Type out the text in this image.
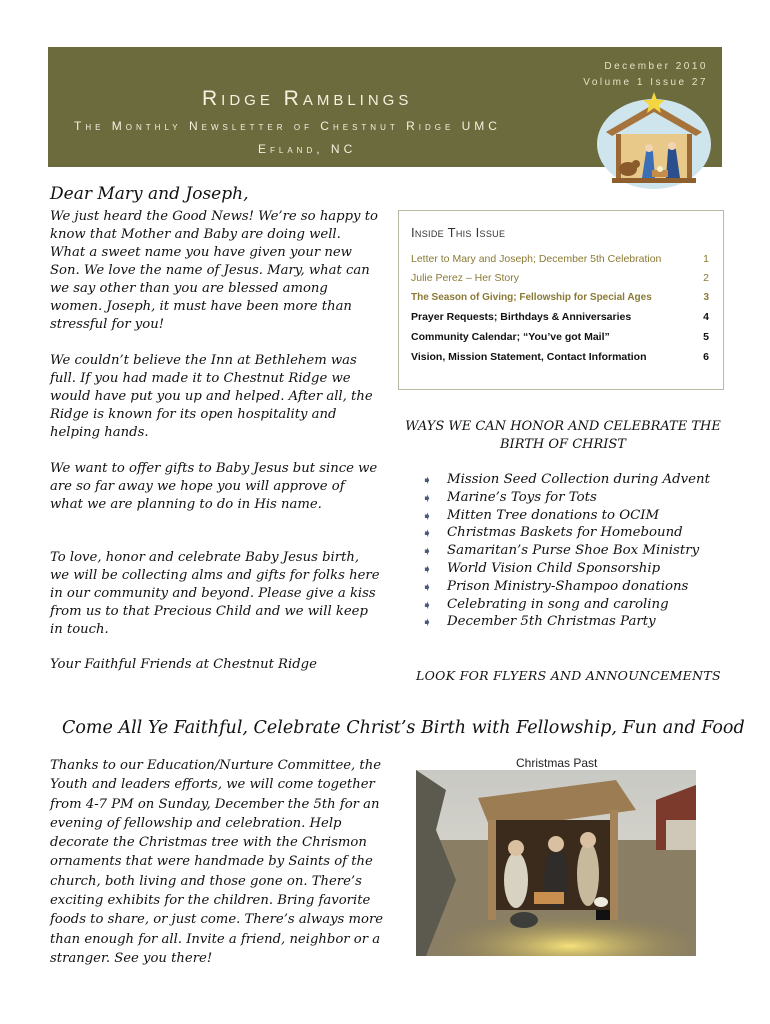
December 2010
Volume 1 Issue 27
Ridge Ramblings
The Monthly Newsletter of Chestnut Ridge UMC
Efland, NC
Dear Mary and Joseph,
We just heard the Good News! We’re so happy to know that Mother and Baby are doing well. What a sweet name you have given your new Son. We love the name of Jesus. Mary, what can we say other than you are blessed among women. Joseph, it must have been more than stressful for you!
We couldn’t believe the Inn at Bethlehem was full. If you had made it to Chestnut Ridge we would have put you up and helped. After all, the Ridge is known for its open hospitality and helping hands.
We want to offer gifts to Baby Jesus but since we are so far away we hope you will approve of what we are planning to do in His name.
To love, honor and celebrate Baby Jesus birth, we will be collecting alms and gifts for folks here in our community and beyond. Please give a kiss from us to that Precious Child and we will keep in touch.
Your Faithful Friends at Chestnut Ridge
Inside This Issue
Letter to Mary and Joseph; December 5th Celebration	1
Julie Perez – Her Story	2
The Season of Giving; Fellowship for Special Ages	3
Prayer Requests; Birthdays & Anniversaries	4
Community Calendar; “You’ve got Mail”	5
Vision, Mission Statement, Contact Information	6
WAYS WE CAN HONOR AND CELEBRATE THE BIRTH OF CHRIST
➧ Mission Seed Collection during Advent
➧ Marine’s Toys for Tots
➧ Mitten Tree donations to OCIM
➧ Christmas Baskets for Homebound
➧ Samaritan’s Purse Shoe Box Ministry
➧ World Vision Child Sponsorship
➧ Prison Ministry-Shampoo donations
➧ Celebrating in song and caroling
➧ December 5th Christmas Party
LOOK FOR FLYERS AND ANNOUNCEMENTS
Come All Ye Faithful, Celebrate Christ’s Birth with Fellowship, Fun and Food
Thanks to our Education/Nurture Committee, the Youth and leaders efforts, we will come together from 4-7 PM on Sunday, December the 5th for an evening of fellowship and celebration. Help decorate the Christmas tree with the Chrismon ornaments that were handmade by Saints of the church, both living and those gone on. There’s exciting exhibits for the children. Bring favorite foods to share, or just come. There’s always more than enough for all. Invite a friend, neighbor or a stranger. See you there!
Christmas Past
